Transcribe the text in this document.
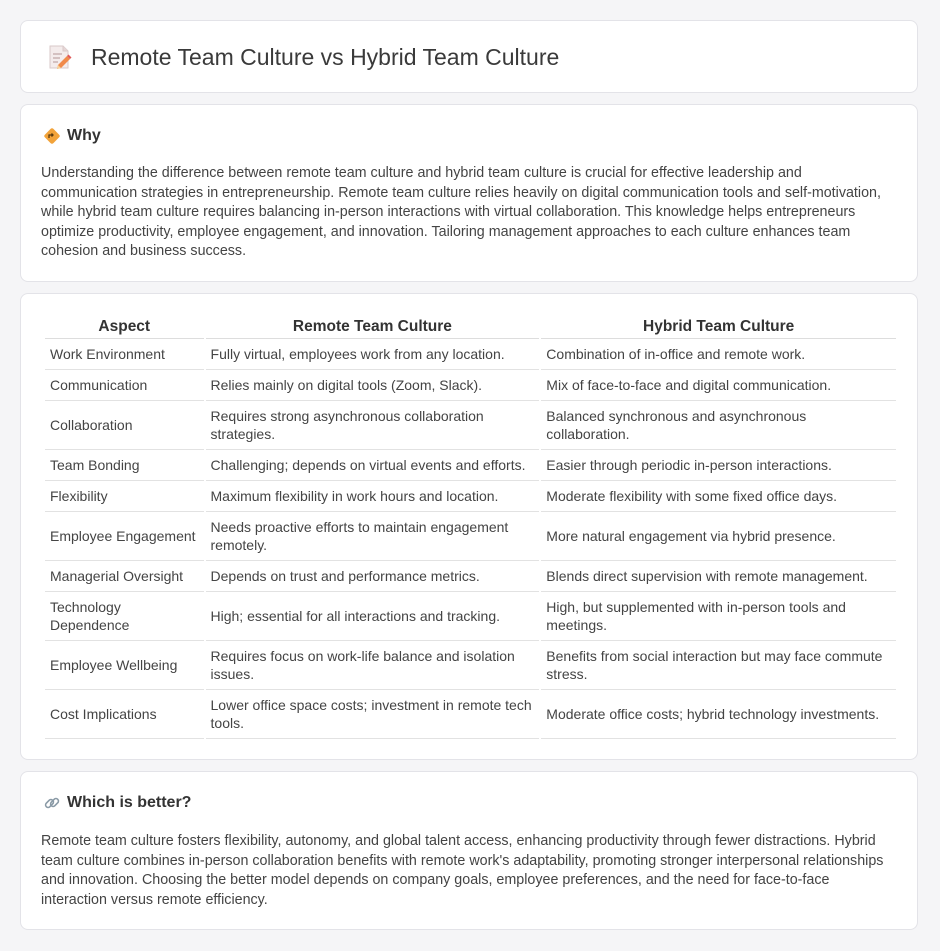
Remote Team Culture vs Hybrid Team Culture
Why

Understanding the difference between remote team culture and hybrid team culture is crucial for effective leadership and communication strategies in entrepreneurship. Remote team culture relies heavily on digital communication tools and self-motivation, while hybrid team culture requires balancing in-person interactions with virtual collaboration. This knowledge helps entrepreneurs optimize productivity, employee engagement, and innovation. Tailoring management approaches to each culture enhances team cohesion and business success.

Aspect	Remote Team Culture	Hybrid Team Culture
Work Environment	Fully virtual, employees work from any location.	Combination of in-office and remote work.
Communication	Relies mainly on digital tools (Zoom, Slack).	Mix of face-to-face and digital communication.
Collaboration	Requires strong asynchronous collaboration strategies.	Balanced synchronous and asynchronous collaboration.
Team Bonding	Challenging; depends on virtual events and efforts.	Easier through periodic in-person interactions.
Flexibility	Maximum flexibility in work hours and location.	Moderate flexibility with some fixed office days.
Employee Engagement	Needs proactive efforts to maintain engagement remotely.	More natural engagement via hybrid presence.
Managerial Oversight	Depends on trust and performance metrics.	Blends direct supervision with remote management.
Technology Dependence	High; essential for all interactions and tracking.	High, but supplemented with in-person tools and meetings.
Employee Wellbeing	Requires focus on work-life balance and isolation issues.	Benefits from social interaction but may face commute stress.
Cost Implications	Lower office space costs; investment in remote tech tools.	Moderate office costs; hybrid technology investments.
Which is better?

Remote team culture fosters flexibility, autonomy, and global talent access, enhancing productivity through fewer distractions. Hybrid team culture combines in-person collaboration benefits with remote work's adaptability, promoting stronger interpersonal relationships and innovation. Choosing the better model depends on company goals, employee preferences, and the need for face-to-face interaction versus remote efficiency.
